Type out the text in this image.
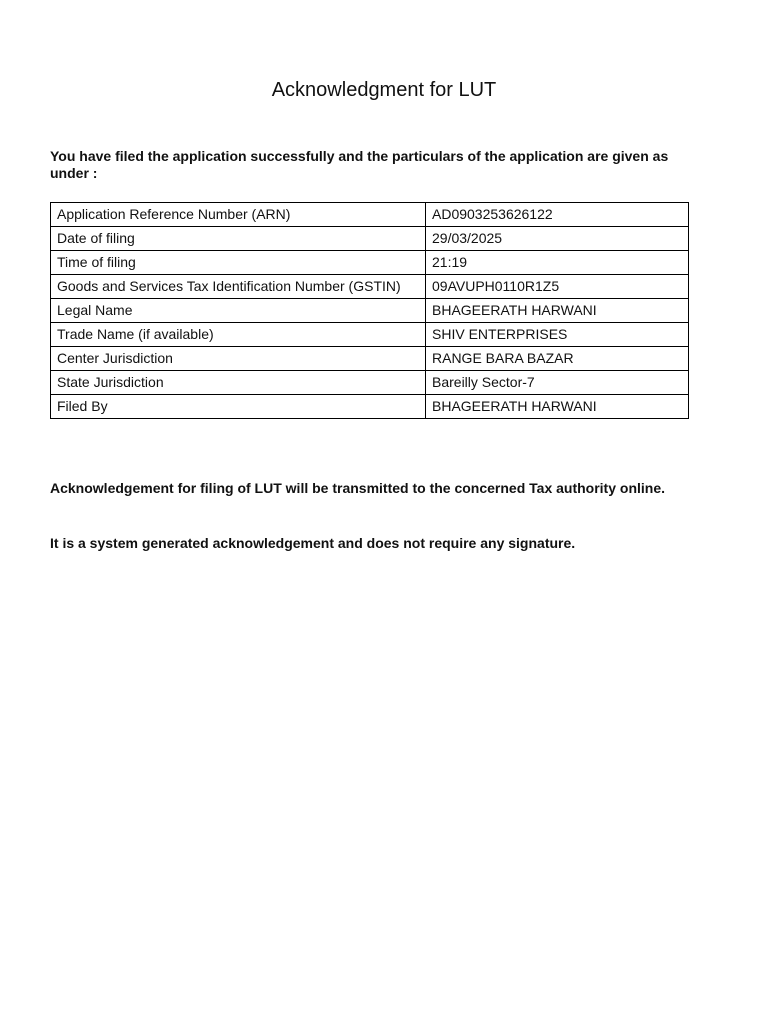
Acknowledgment for LUT

You have filed the application successfully and the particulars of the application are given as under :

Application Reference Number (ARN)	AD0903253626122
Date of filing	29/03/2025
Time of filing	21:19
Goods and Services Tax Identification Number (GSTIN)	09AVUPH0110R1Z5
Legal Name	BHAGEERATH HARWANI
Trade Name (if available)	SHIV ENTERPRISES
Center Jurisdiction	RANGE BARA BAZAR
State Jurisdiction	Bareilly Sector-7
Filed By	BHAGEERATH HARWANI

Acknowledgement for filing of LUT will be transmitted to the concerned Tax authority online.

It is a system generated acknowledgement and does not require any signature.
